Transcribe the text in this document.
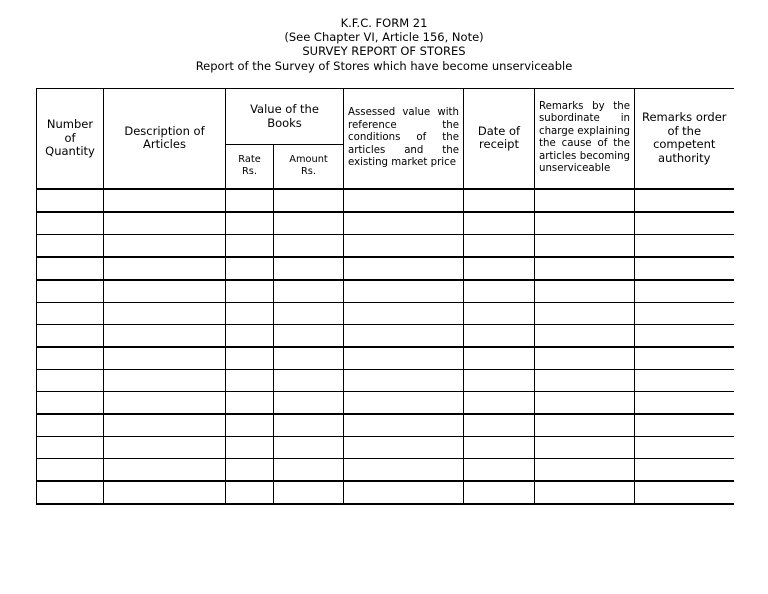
K.F.C. FORM 21
(See Chapter VI, Article 156, Note)
SURVEY REPORT OF STORES
Report of the Survey of Stores which have become unserviceable
Number of Quantity	Description of Articles	Value of the Books		Assessed value with reference the conditions of the articles and the existing market price	Date of receipt	Remarks by the subordinate in charge explaining the cause of the articles becoming unserviceable	Remarks order of the competent authority
		Rate Rs.	Amount Rs.				
